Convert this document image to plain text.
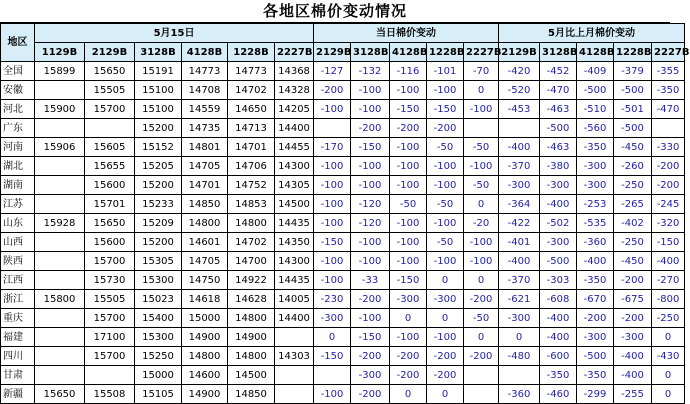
各地区棉价变动情况
地区	5月15日						当日棉价变动					5月比上月棉价变动				
	1129B	2129B	3128B	4128B	1228B	2227B	2129B	3128B	4128B	1228B	2227B	2129B	3128B	4128B	1228B	2227B
全国	15899	15650	15191	14773	14773	14368	-127	-132	-116	-101	-70	-420	-452	-409	-379	-355
安徽		15505	15100	14708	14702	14328	-200	-100	-100	-100	0	-520	-470	-500	-500	-350
河北	15900	15700	15100	14559	14650	14205	-100	-100	-150	-150	-100	-453	-463	-510	-501	-470
广东			15200	14735	14713	14400		-200	-200	-200			-500	-560	-500	
河南	15906	15605	15152	14801	14701	14455	-170	-150	-100	-50	-50	-400	-463	-350	-450	-330
湖北		15655	15205	14705	14706	14300	-100	-100	-100	-100	-100	-370	-380	-300	-260	-200
湖南		15600	15200	14701	14752	14305	-100	-100	-100	-100	-50	-300	-300	-300	-250	-200
江苏		15701	15233	14850	14853	14500	-100	-120	-50	-50	0	-364	-400	-253	-265	-245
山东	15928	15650	15209	14800	14800	14435	-100	-120	-100	-100	-20	-422	-502	-535	-402	-320
山西		15600	15200	14601	14702	14350	-150	-100	-100	-50	-100	-401	-300	-360	-250	-150
陕西		15700	15305	14705	14700	14300	-100	-100	-100	-100	-100	-400	-500	-400	-450	-400
江西		15730	15300	14750	14922	14435	-100	-33	-150	0	0	-370	-303	-350	-200	-270
浙江	15800	15505	15023	14618	14628	14005	-230	-200	-300	-300	-200	-621	-608	-670	-675	-800
重庆		15700	15400	15000	14800	14400	-300	-100	0	0	-50	-300	-400	-200	-200	-250
福建		17100	15300	14900	14900		0	-150	-100	-100	0	0	-400	-300	-300	0
四川		15700	15250	14800	14800	14303	-150	-200	-200	-200	-200	-480	-600	-500	-400	-430
甘肃			15000	14600	14500			-300	-200	-200			-350	-350	-400	0
新疆	15650	15508	15105	14900	14850		-100	-200	0	0		-360	-460	-299	-255	0
